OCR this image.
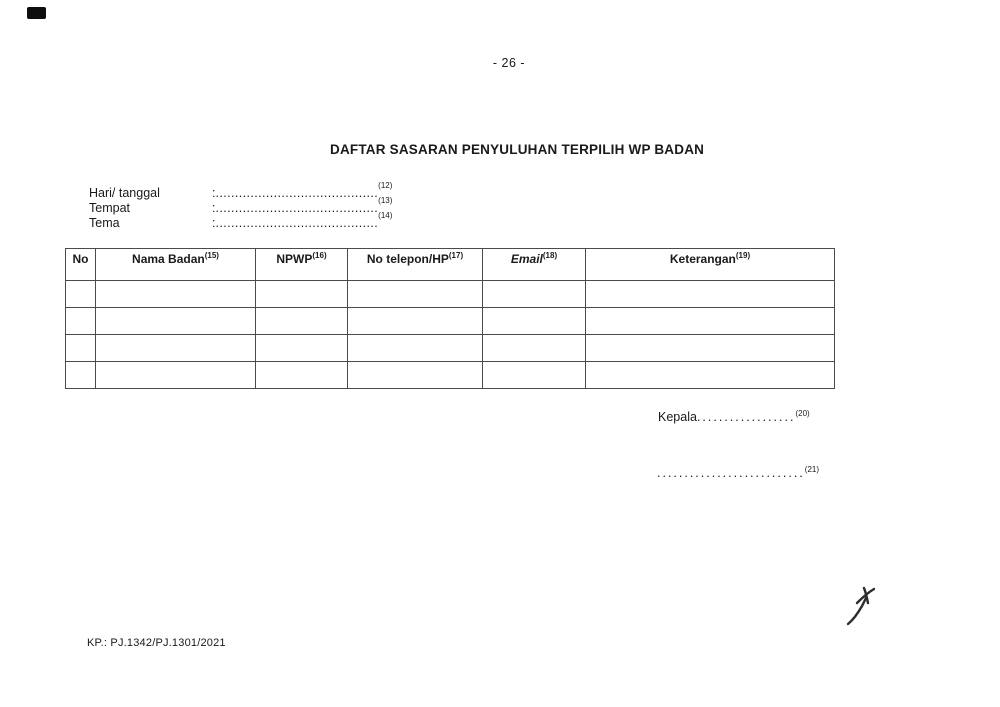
- 26 -
DAFTAR SASARAN PENYULUHAN TERPILIH WP BADAN
Hari/ tanggal	: ..........................................
(12)
Tempat	: ..........................................
(13)
Tema	: ..........................................
(14)
No	Nama Badan$^{(15)}$	NPWP$^{(16)}$	No telepon/HP$^{(17)}$	Email$^{(18)}$	Keterangan$^{(19)}$

Kepala..................$^{(20)}$
...........................$^{(21)}$
KP.: PJ.1342/PJ.1301/2021
